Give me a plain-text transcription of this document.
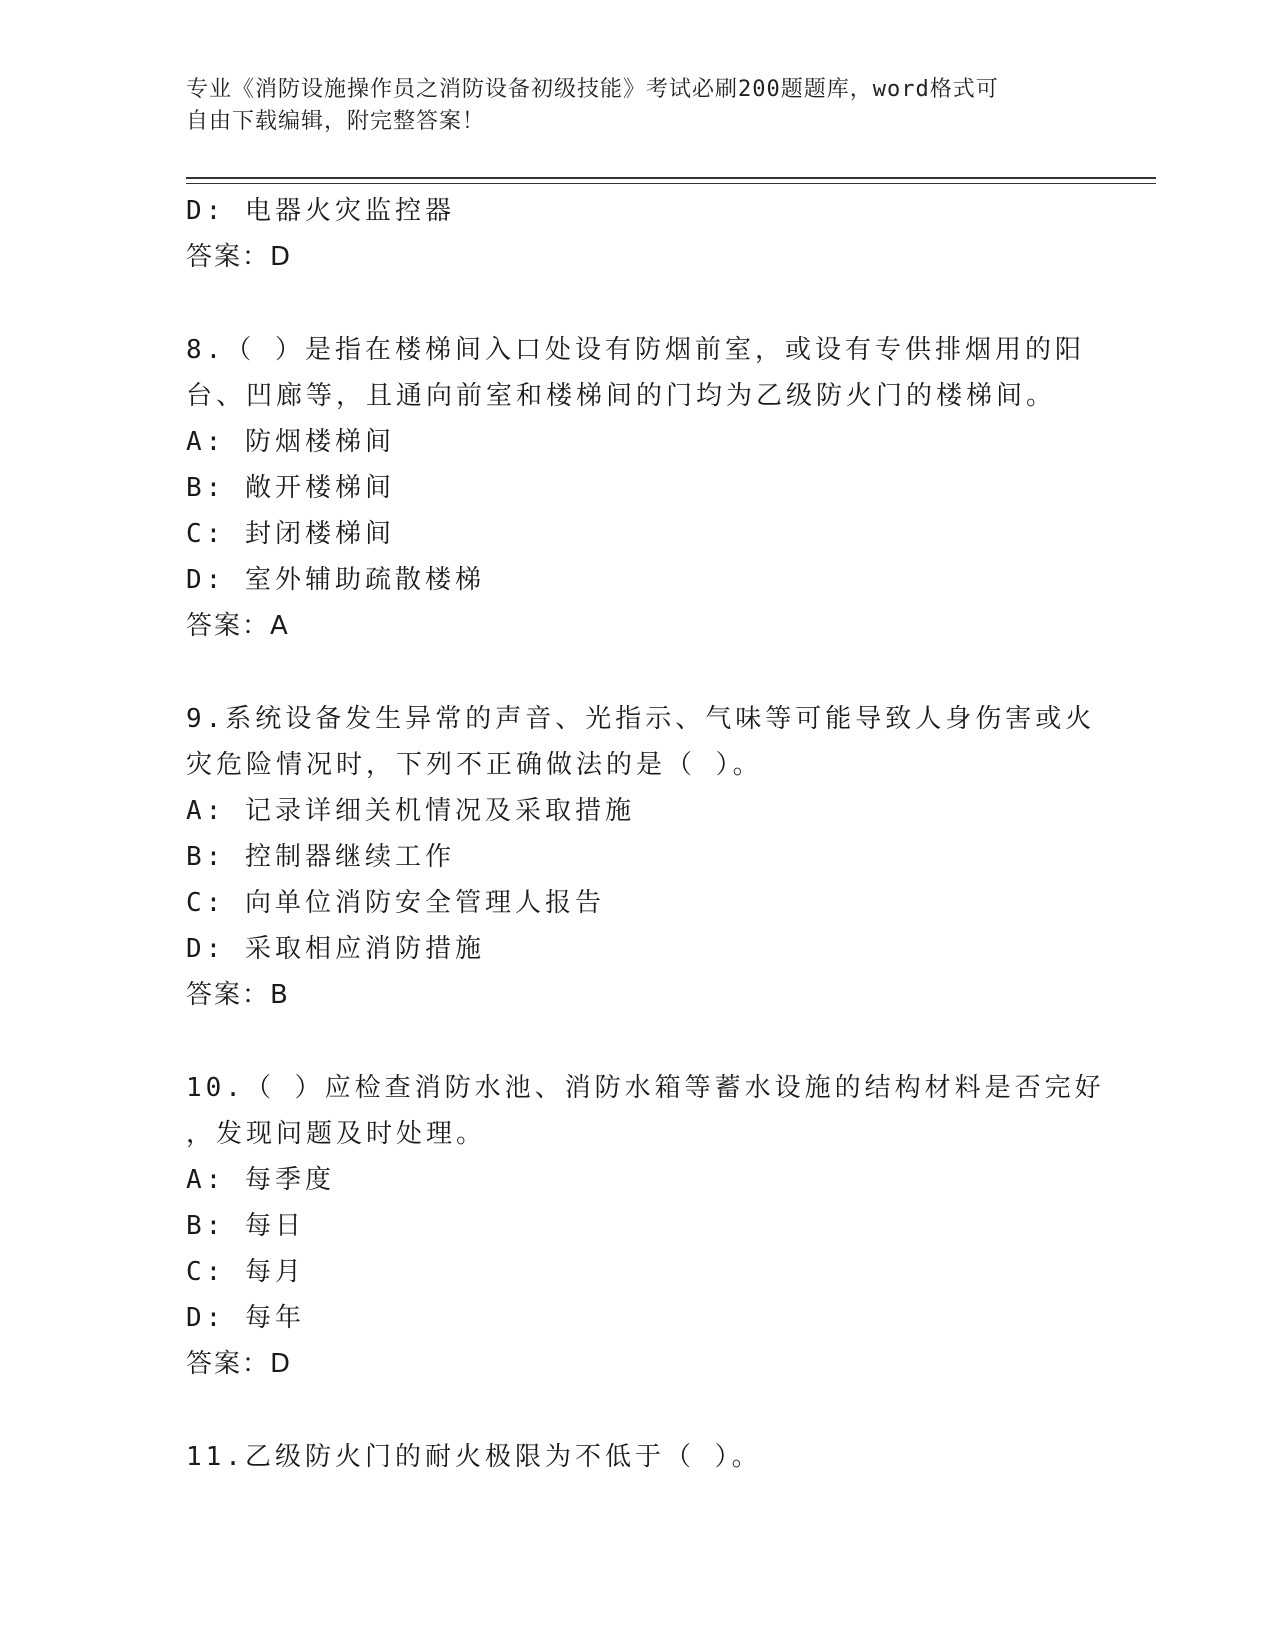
专业《消防设施操作员之消防设备初级技能》考试必刷200题题库，word格式可
自由下载编辑，附完整答案！
D: 电器火灾监控器
答案：D
8.（ ）是指在楼梯间入口处设有防烟前室，或设有专供排烟用的阳
台、凹廊等，且通向前室和楼梯间的门均为乙级防火门的楼梯间。
A: 防烟楼梯间
B: 敞开楼梯间
C: 封闭楼梯间
D: 室外辅助疏散楼梯
答案：A
9.系统设备发生异常的声音、光指示、气味等可能导致人身伤害或火
灾危险情况时，下列不正确做法的是（ ）。
A: 记录详细关机情况及采取措施
B: 控制器继续工作
C: 向单位消防安全管理人报告
D: 采取相应消防措施
答案：B
10.（ ）应检查消防水池、消防水箱等蓄水设施的结构材料是否完好
，发现问题及时处理。
A: 每季度
B: 每日
C: 每月
D: 每年
答案：D
11.乙级防火门的耐火极限为不低于（ ）。
